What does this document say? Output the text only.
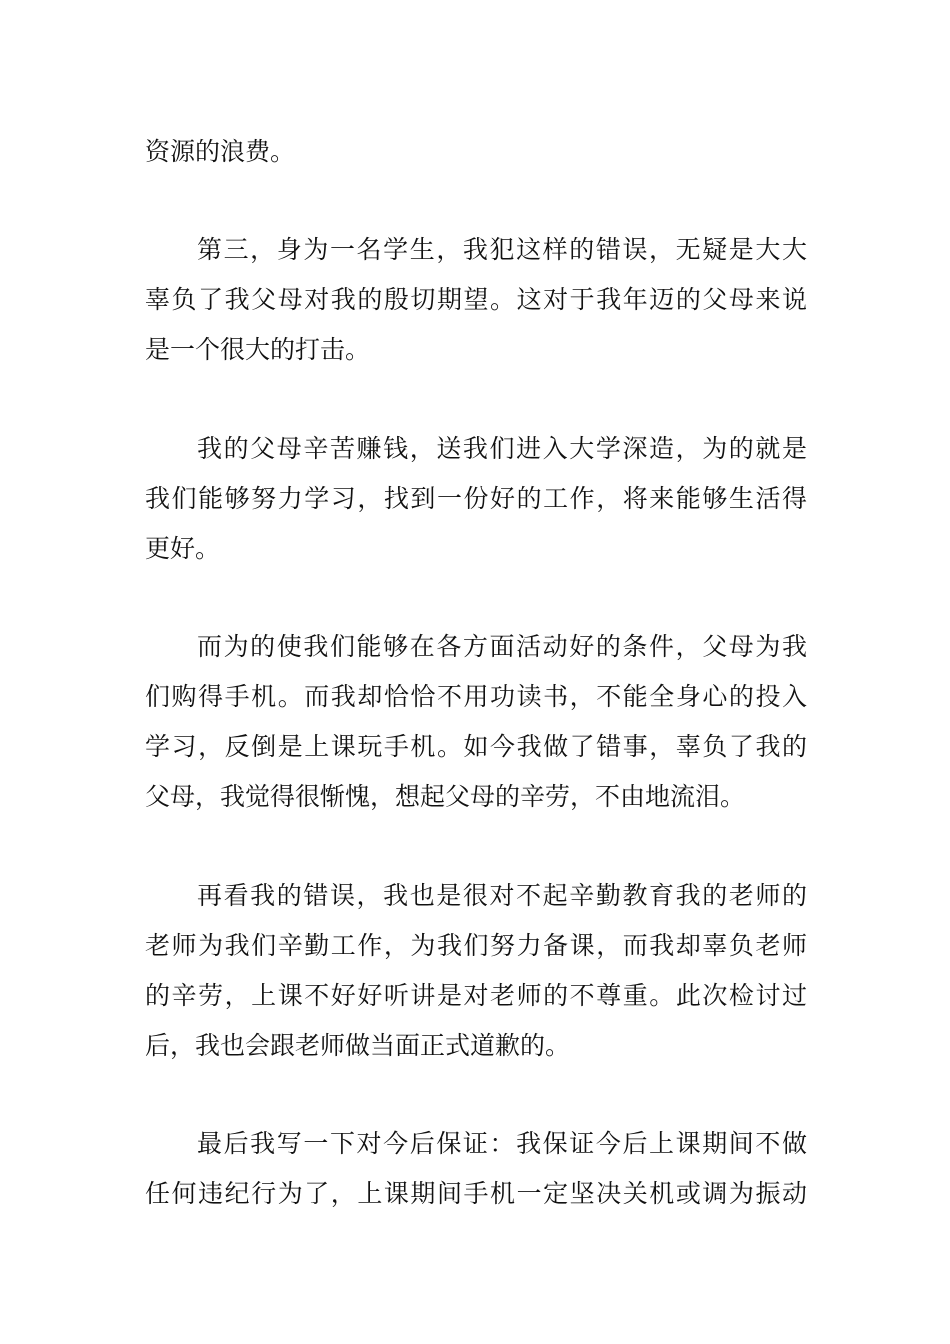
资源的浪费。
第三，身为一名学生，我犯这样的错误，无疑是大大
辜负了我父母对我的殷切期望。这对于我年迈的父母来说
是一个很大的打击。
我的父母辛苦赚钱，送我们进入大学深造，为的就是
我们能够努力学习，找到一份好的工作，将来能够生活得
更好。
而为的使我们能够在各方面活动好的条件，父母为我
们购得手机。而我却恰恰不用功读书，不能全身心的投入
学习，反倒是上课玩手机。如今我做了错事，辜负了我的
父母，我觉得很惭愧，想起父母的辛劳，不由地流泪。
再看我的错误，我也是很对不起辛勤教育我的老师的
老师为我们辛勤工作，为我们努力备课，而我却辜负老师
的辛劳，上课不好好听讲是对老师的不尊重。此次检讨过
后，我也会跟老师做当面正式道歉的。
最后我写一下对今后保证：我保证今后上课期间不做
任何违纪行为了，上课期间手机一定坚决关机或调为振动
